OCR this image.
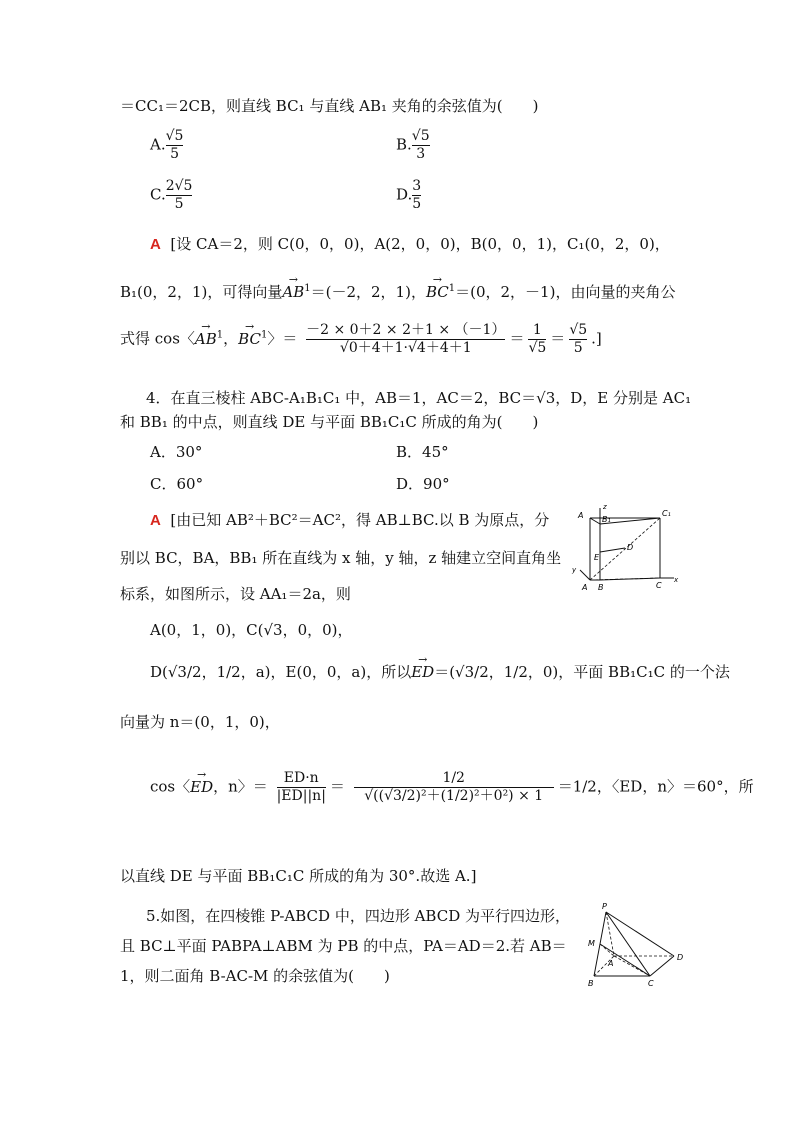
＝CC₁＝2CB，则直线 BC₁ 与直线 AB₁ 夹角的余弦值为(　　)
A. $\frac{√5}{5}$	B. $\frac{√5}{3}$
C. $\frac{2√5}{5}$	D. $\frac{3}{5}$
A [设 CA＝2，则 C(0，0，0)，A(2，0，0)，B(0，0，1)，C₁(0，2，0)，
B₁(0，2，1)，可得向量→ $AB^1=(-2$，2，1)，→ $BC^1=(0$，2，－1)，由向量的夹角公
式得 cos〈→ $AB^1$，→ $BC^1$〉＝ $\frac{-2 \times 0+2 \times 2+1 \times (-1)}{√0+4+1\cdot√4+4+1} = \frac{1}{√5} = \frac{√5}{5}$ .]
4．在直三棱柱 ABC-A₁B₁C₁ 中，AB＝1，AC＝2，BC＝√3，D，E 分别是 AC₁
和 BB₁ 的中点，则直线 DE 与平面 BB₁C₁C 所成的角为(　　)
A．30°	B．45°
C．60°	D．90°
A [由已知 AB²＋BC²＝AC²，得 AB⊥BC.以 B 为原点，分
别以 BC，BA，BB₁ 所在直线为 x 轴，y 轴，z 轴建立空间直角坐
标系，如图所示，设 AA₁＝2a，则
A(0，1，0)，C(√3，0，0)，
D(√3/2，1/2，a)，E(0，0，a)，所以→ ED＝(√3/2，1/2，0)，平面 BB₁C₁C 的一个法
向量为 n＝(0，1，0)，
cos〈→ ED，n〉＝ $\frac{ED\cdot n}{|ED||n|} = \frac{1/2}{\text{√((√3/2)²＋(1/2)²＋0²) × 1}} =1/2$，〈ED，n〉＝60°，所
以直线 DE 与平面 BB₁C₁C 所成的角为 30°.故选 A.]
A B₁
C₁
z
D
E
y
A B	C
x
5.如图，在四棱锥 P-ABCD 中，四边形 ABCD 为平行四边形，
且 BC⊥平面 PABPA⊥ABM 为 PB 的中点，PA＝AD＝2.若 AB＝
1，则二面角 B-AC-M 的余弦值为(　　)
P
M
A
D
B	C
